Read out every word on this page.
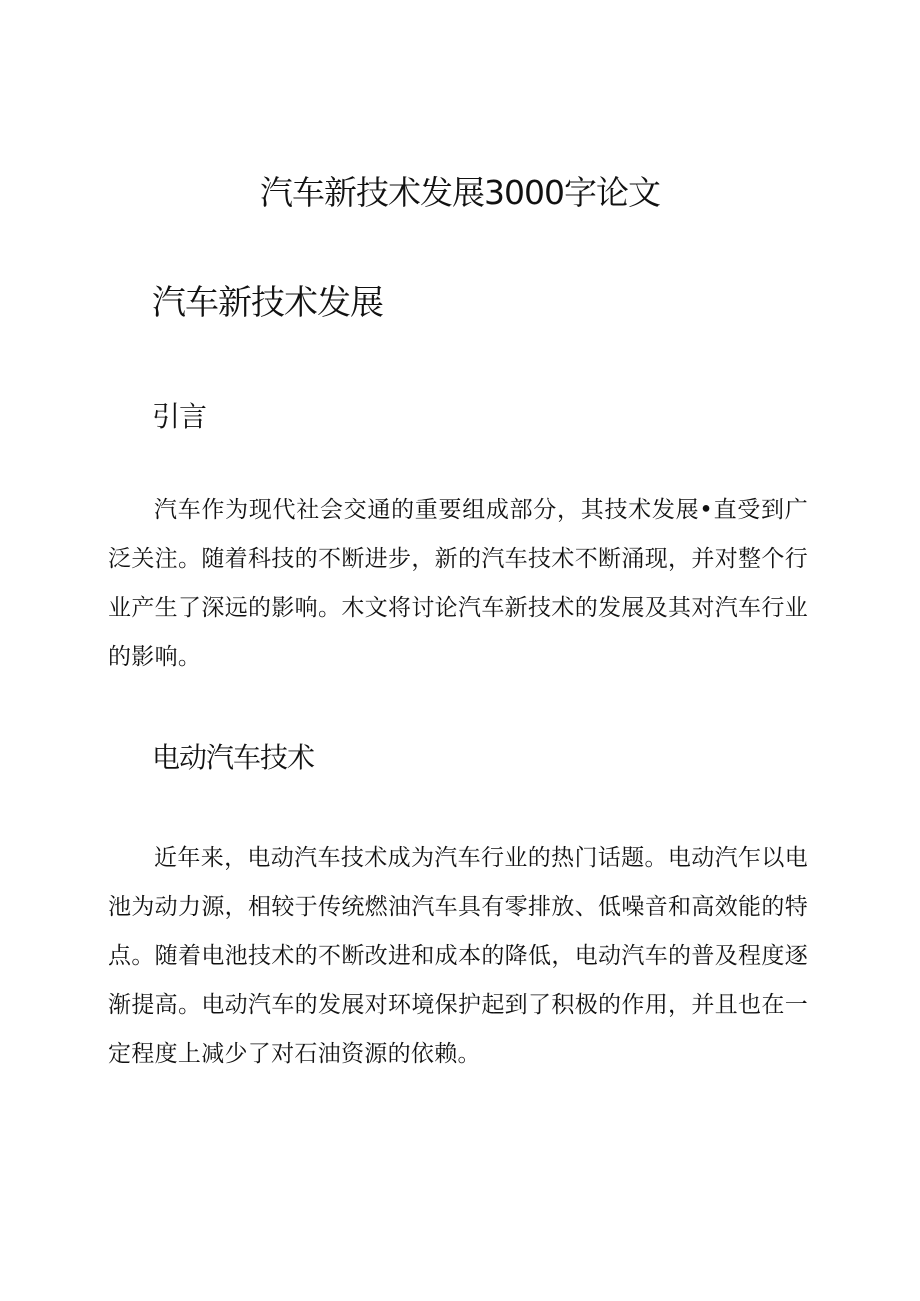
汽车新技术发展3000字论文
汽车新技术发展
引言

汽车作为现代社会交通的重要组成部分，其技术发展•直受到广泛关注。随着科技的不断进步，新的汽车技术不断涌现，并对整个行业产生了深远的影响。木文将讨论汽车新技术的发展及其对汽车行业的影响。

电动汽车技术

近年来，电动汽车技术成为汽车行业的热门话题。电动汽乍以电池为动力源，相较于传统燃油汽车具有零排放、低噪音和高效能的特点。随着电池技术的不断改进和成本的降低，电动汽车的普及程度逐渐提高。电动汽车的发展对环境保护起到了积极的作用，并且也在一定程度上减少了对石油资源的依赖。
